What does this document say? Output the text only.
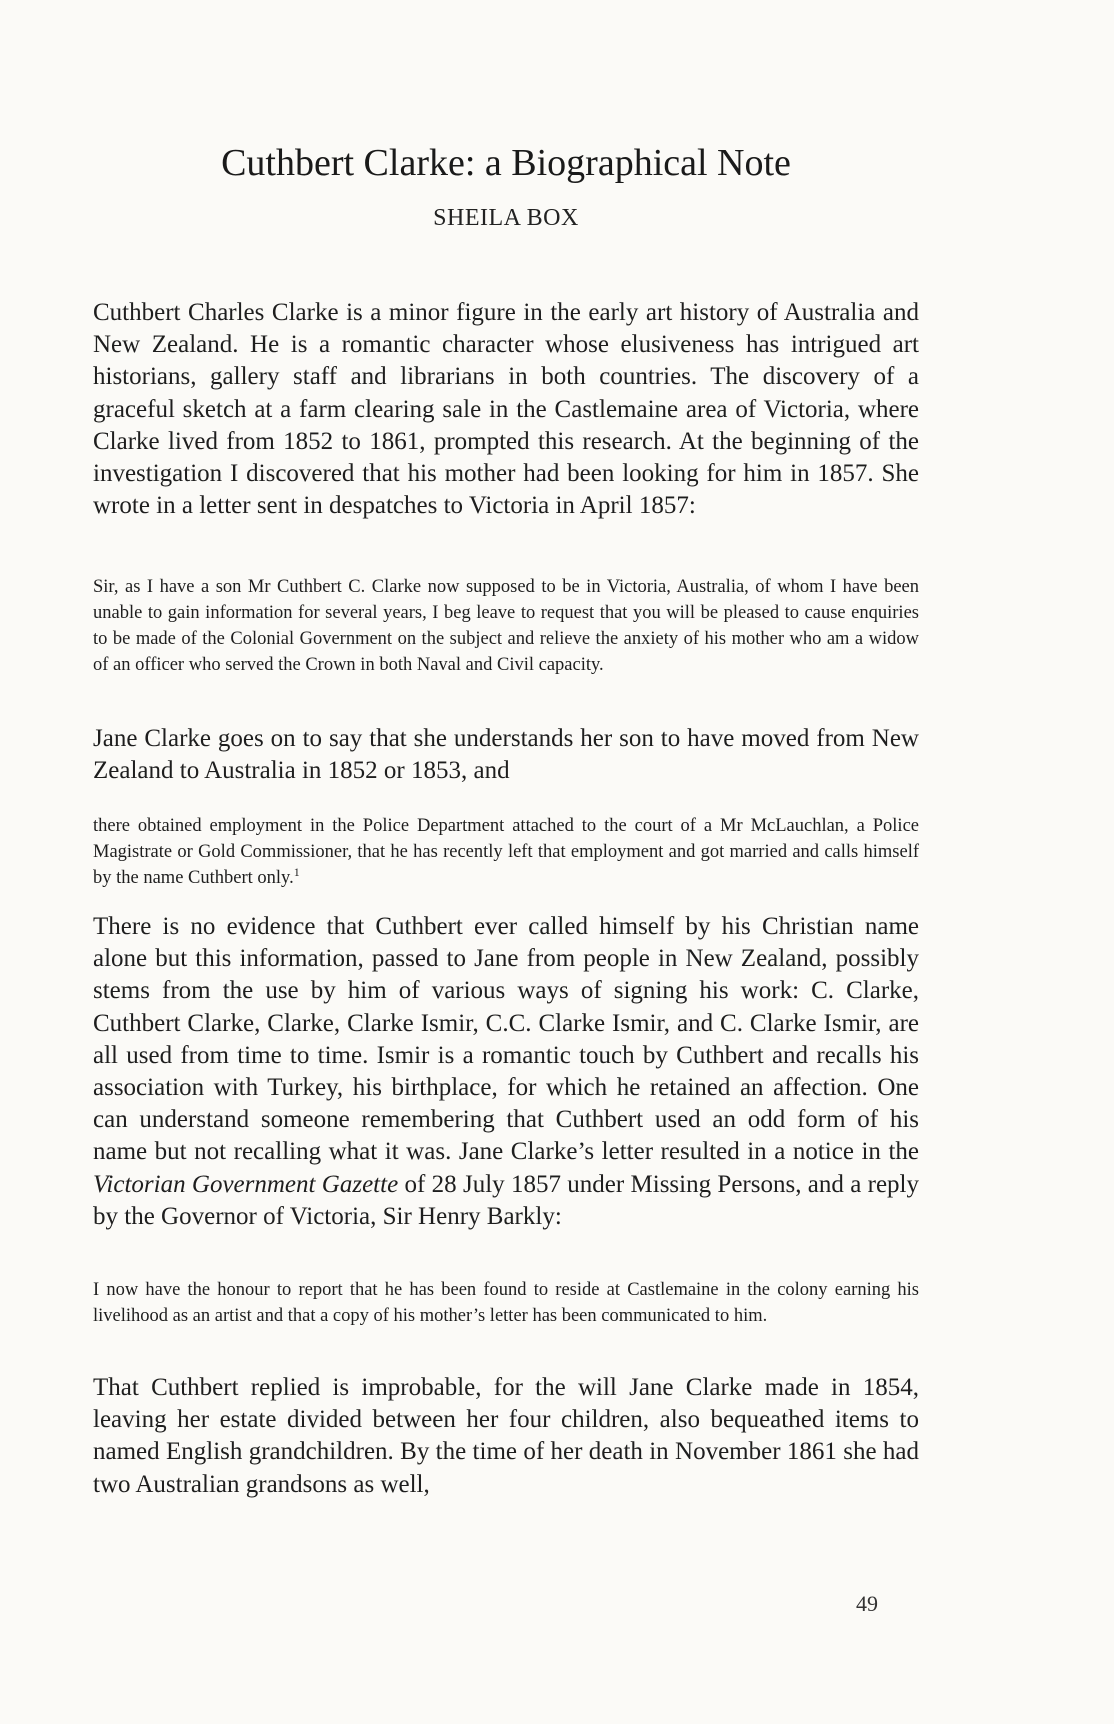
Cuthbert Clarke: a Biographical Note

SHEILA BOX

Cuthbert Charles Clarke is a minor figure in the early art history of Australia and New Zealand. He is a romantic character whose elusiveness has intrigued art historians, gallery staff and librarians in both countries. The discovery of a graceful sketch at a farm clearing sale in the Castlemaine area of Victoria, where Clarke lived from 1852 to 1861, prompted this research. At the beginning of the investigation I discovered that his mother had been looking for him in 1857. She wrote in a letter sent in despatches to Victoria in April 1857:

Sir, as I have a son Mr Cuthbert C. Clarke now supposed to be in Victoria, Australia, of whom I have been unable to gain information for several years, I beg leave to request that you will be pleased to cause enquiries to be made of the Colonial Government on the subject and relieve the anxiety of his mother who am a widow of an officer who served the Crown in both Naval and Civil capacity.

Jane Clarke goes on to say that she understands her son to have moved from New Zealand to Australia in 1852 or 1853, and

there obtained employment in the Police Department attached to the court of a Mr McLauchlan, a Police Magistrate or Gold Commissioner, that he has recently left that employment and got married and calls himself by the name Cuthbert only.$^1$

There is no evidence that Cuthbert ever called himself by his Christian name alone but this information, passed to Jane from people in New Zealand, possibly stems from the use by him of various ways of signing his work: C. Clarke, Cuthbert Clarke, Clarke, Clarke Ismir, C.C. Clarke Ismir, and C. Clarke Ismir, are all used from time to time. Ismir is a romantic touch by Cuthbert and recalls his association with Turkey, his birthplace, for which he retained an affection. One can understand someone remembering that Cuthbert used an odd form of his name but not recalling what it was. Jane Clarke’s letter resulted in a notice in the Victorian Government Gazette of 28 July 1857 under Missing Persons, and a reply by the Governor of Victoria, Sir Henry Barkly:

I now have the honour to report that he has been found to reside at Castlemaine in the colony earning his livelihood as an artist and that a copy of his mother’s letter has been communicated to him.

That Cuthbert replied is improbable, for the will Jane Clarke made in 1854, leaving her estate divided between her four children, also bequeathed items to named English grandchildren. By the time of her death in November 1861 she had two Australian grandsons as well,

49
